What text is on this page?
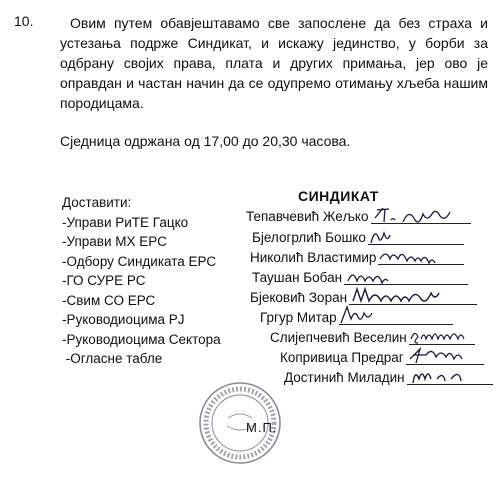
10.	Овим путем обавјештавамо све запослене да без страха и устезања подрже Синдикат, и искажу јединство, у борби за одбрану својих права, плата и других примања, јер ово је оправдан и частан начин да се одупремо отимању хљеба нашим породицама.
Сједница одржана од 17,00 до 20,30 часова.
Доставити:
-Управи РиТЕ Гацко
-Управи МХ ЕРС
-Одбору Синдиката ЕРС
-ГО СУРЕ РС
-Свим СО ЕРС
-Руководиоцима РЈ
-Руководиоцима Сектора
-Огласне табле
СИНДИКАТ
Тепавчевић Жељко
Бјелогрлић Бошко
Николић Властимир
Таушан Бобан
Бјековић Зоран
Гргур Митар
Слијепчевић Веселин
Копривица Предраг
Достинић Миладин
М.П.
